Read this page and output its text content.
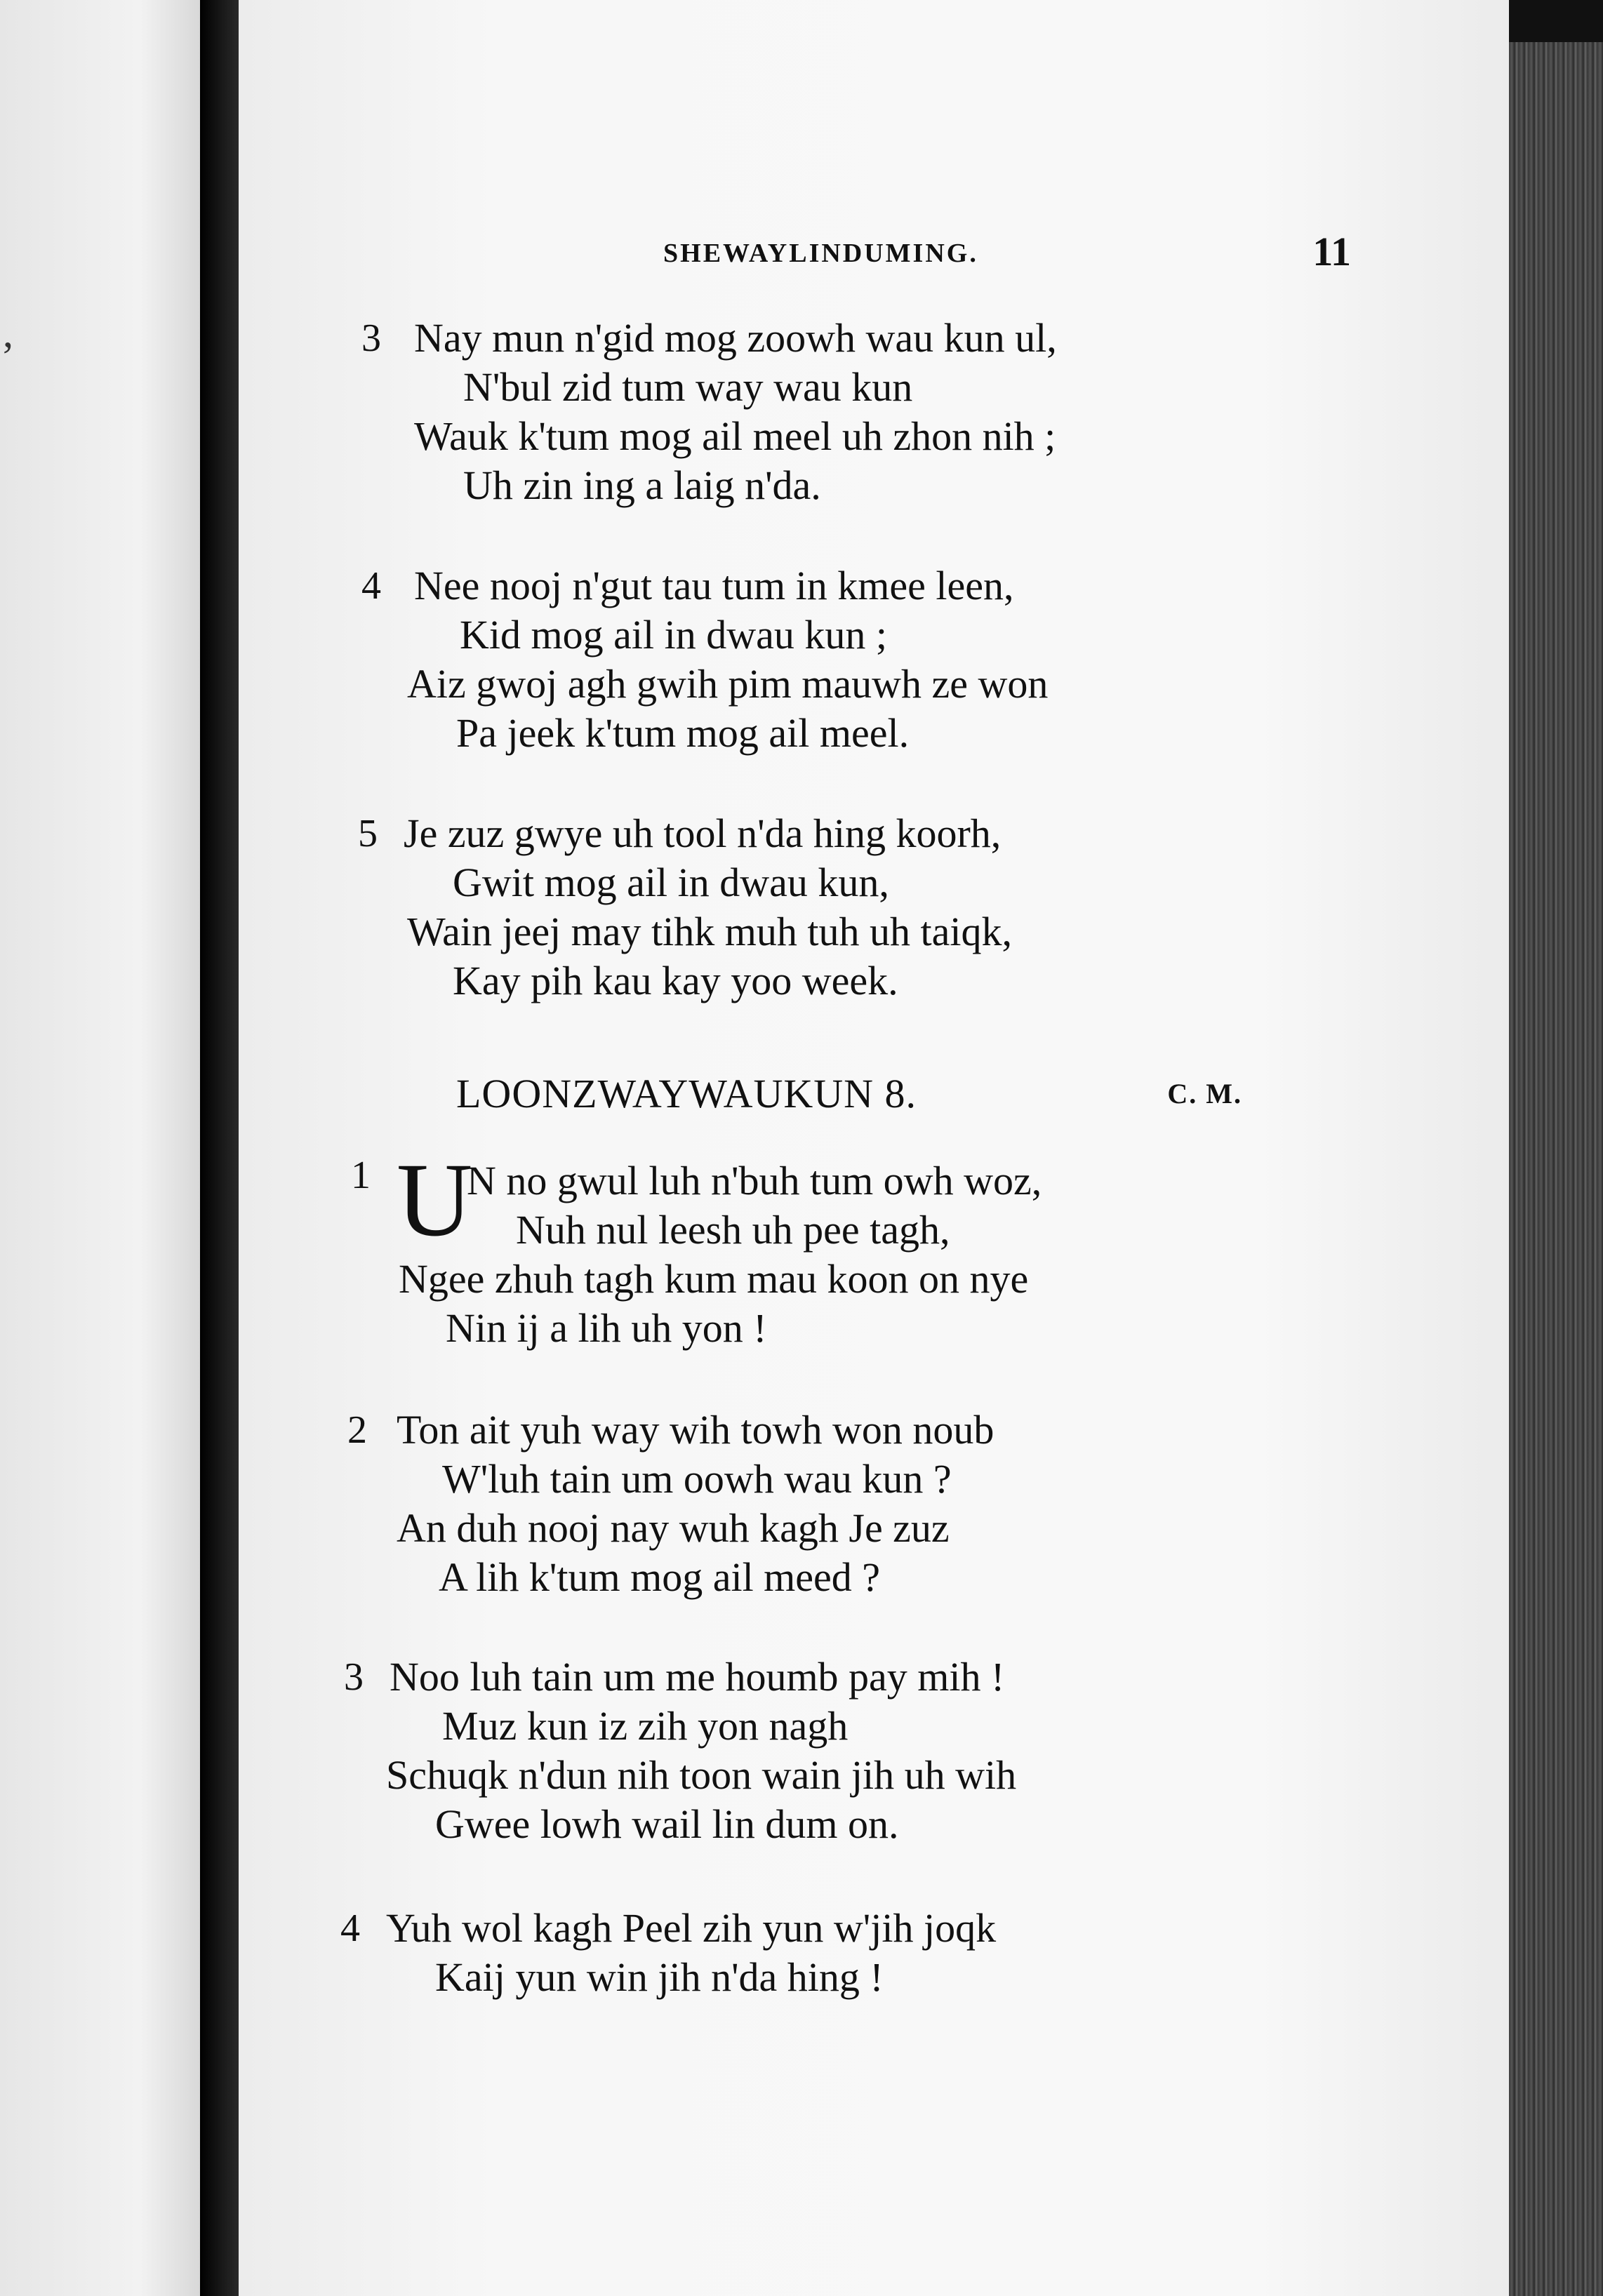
,
SHEWAYLINDUMING.	11
3 Nay mun n'gid mog zoowh wau kun ul,
N'bul zid tum way wau kun
Wauk k'tum mog ail meel uh zhon nih ;
Uh zin ing a laig n'da.
4 Nee nooj n'gut tau tum in kmee leen,
Kid mog ail in dwau kun ;
Aiz gwoj agh gwih pim mauwh ze won
Pa jeek k'tum mog ail meel.
5 Je zuz gwye uh tool n'da hing koorh,
Gwit mog ail in dwau kun,
Wain jeej may tihk muh tuh uh taiqk,
Kay pih kau kay yoo week.
LOONZWAYWAUKUN 8.	C. M.
1 U
N no gwul luh n'buh tum owh woz,
Nuh nul leesh uh pee tagh,
Ngee zhuh tagh kum mau koon on nye
Nin ij a lih uh yon !
2 Ton ait yuh way wih towh won noub
W'luh tain um oowh wau kun ?
An duh nooj nay wuh kagh Je zuz
A lih k'tum mog ail meed ?
3 Noo luh tain um me houmb pay mih !
Muz kun iz zih yon nagh
Schuqk n'dun nih toon wain jih uh wih
Gwee lowh wail lin dum on.
4 Yuh wol kagh Peel zih yun w'jih joqk
Kaij yun win jih n'da hing !
